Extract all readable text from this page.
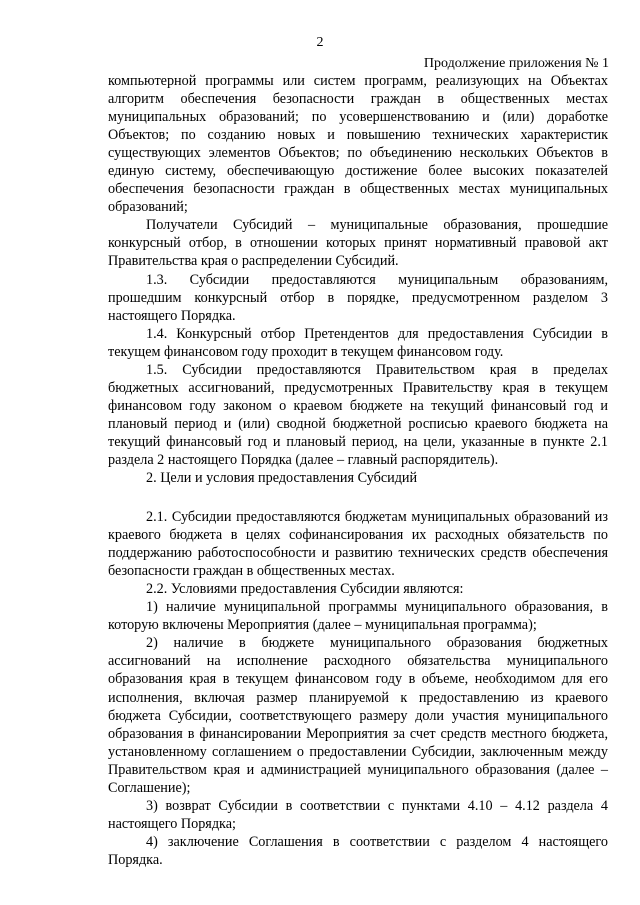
2
Продолжение приложения № 1

компьютерной программы или систем программ, реализующих на Объектах алгоритм обеспечения безопасности граждан в общественных местах муниципальных образований; по усовершенствованию и (или) доработке Объектов; по созданию новых и повышению технических характеристик существующих элементов Объектов; по объединению нескольких Объектов в единую систему, обеспечивающую достижение более высоких показателей обеспечения безопасности граждан в общественных местах муниципальных образований;

Получатели Субсидий – муниципальные образования, прошедшие конкурсный отбор, в отношении которых принят нормативный правовой акт Правительства края о распределении Субсидий.

1.3. Субсидии предоставляются муниципальным образованиям, прошедшим конкурсный отбор в порядке, предусмотренном разделом 3 настоящего Порядка.

1.4. Конкурсный отбор Претендентов для предоставления Субсидии в текущем финансовом году проходит в текущем финансовом году.

1.5. Субсидии предоставляются Правительством края в пределах бюджетных ассигнований, предусмотренных Правительству края в текущем финансовом году законом о краевом бюджете на текущий финансовый год и плановый период и (или) сводной бюджетной росписью краевого бюджета на текущий финансовый год и плановый период, на цели, указанные в пункте 2.1 раздела 2 настоящего Порядка (далее – главный распорядитель).

2. Цели и условия предоставления Субсидий

2.1. Субсидии предоставляются бюджетам муниципальных образований из краевого бюджета в целях софинансирования их расходных обязательств по поддержанию работоспособности и развитию технических средств обеспечения безопасности граждан в общественных местах.

2.2. Условиями предоставления Субсидии являются:

1) наличие муниципальной программы муниципального образования, в которую включены Мероприятия (далее – муниципальная программа);

2) наличие в бюджете муниципального образования бюджетных ассигнований на исполнение расходного обязательства муниципального образования края в текущем финансовом году в объеме, необходимом для его исполнения, включая размер планируемой к предоставлению из краевого бюджета Субсидии, соответствующего размеру доли участия муниципального образования в финансировании Мероприятия за счет средств местного бюджета, установленному соглашением о предоставлении Субсидии, заключенным между Правительством края и администрацией муниципального образования (далее – Соглашение);

3) возврат Субсидии в соответствии с пунктами 4.10 – 4.12 раздела 4 настоящего Порядка;

4) заключение Соглашения в соответствии с разделом 4 настоящего Порядка.
